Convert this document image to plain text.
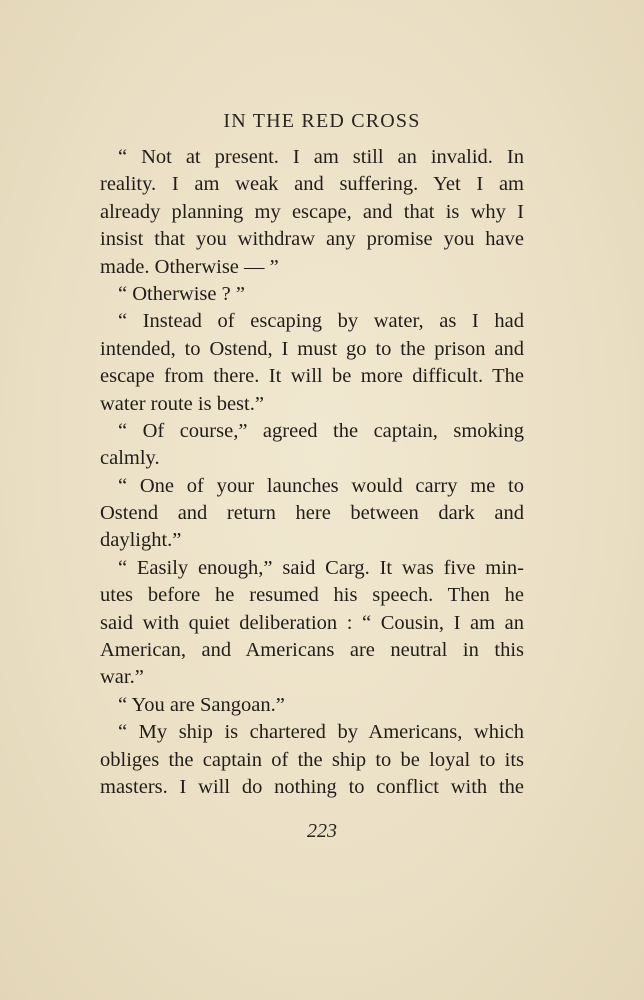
IN THE RED CROSS
“ Not at present. I am still an invalid. In
reality. I am weak and suffering. Yet I am
already planning my escape, and that is why I
insist that you withdraw any promise you have
made. Otherwise — ”
“ Otherwise ? ”
“ Instead of escaping by water, as I had
intended, to Ostend, I must go to the prison and
escape from there. It will be more difficult. The
water route is best.”
“ Of course,” agreed the captain, smoking
calmly.
“ One of your launches would carry me to
Ostend and return here between dark and
daylight.”
“ Easily enough,” said Carg. It was five min-
utes before he resumed his speech. Then he
said with quiet deliberation : “ Cousin, I am an
American, and Americans are neutral in this
war.”
“ You are Sangoan.”
“ My ship is chartered by Americans, which
obliges the captain of the ship to be loyal to its
masters. I will do nothing to conflict with the
223
